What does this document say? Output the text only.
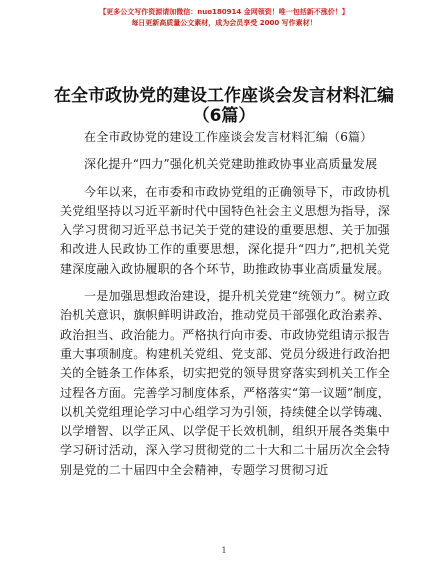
【更多公文写作资源请加微信：nuo180914 金网领资！唯一包括新不涨价！】
每日更新高质量公文素材，成为会员享受 2000 写作素材！
在全市政协党的建设工作座谈会发言材料汇编
（6篇）

在全市政协党的建设工作座谈会发言材料汇编（6篇）

深化提升“四力”强化机关党建助推政协事业高质量发展

今年以来，在市委和市政协党组的正确领导下，市政协机关党组坚持以习近平新时代中国特色社会主义思想为指导，深入学习贯彻习近平总书记关于党的建设的重要思想、关于加强和改进人民政协工作的重要思想，深化提升“四力”,把机关党建深度融入政协履职的各个环节，助推政协事业高质量发展。

一是加强思想政治建设，提升机关党建“统领力”。树立政治机关意识，旗帜鲜明讲政治，推动党员干部强化政治素养、政治担当、政治能力。严格执行向市委、市政协党组请示报告重大事项制度。构建机关党组、党支部、党员分级进行政治把关的全链条工作体系，切实把党的领导贯穿落实到机关工作全过程各方面。完善学习制度体系，严格落实“第一议题”制度，以机关党组理论学习中心组学习为引领，持续健全以学铸魂、以学增智、以学正风、以学促干长效机制，组织开展各类集中学习研讨活动，深入学习贯彻党的二十大和二十届历次全会特别是党的二十届四中全会精神，专题学习贯彻习近

1
